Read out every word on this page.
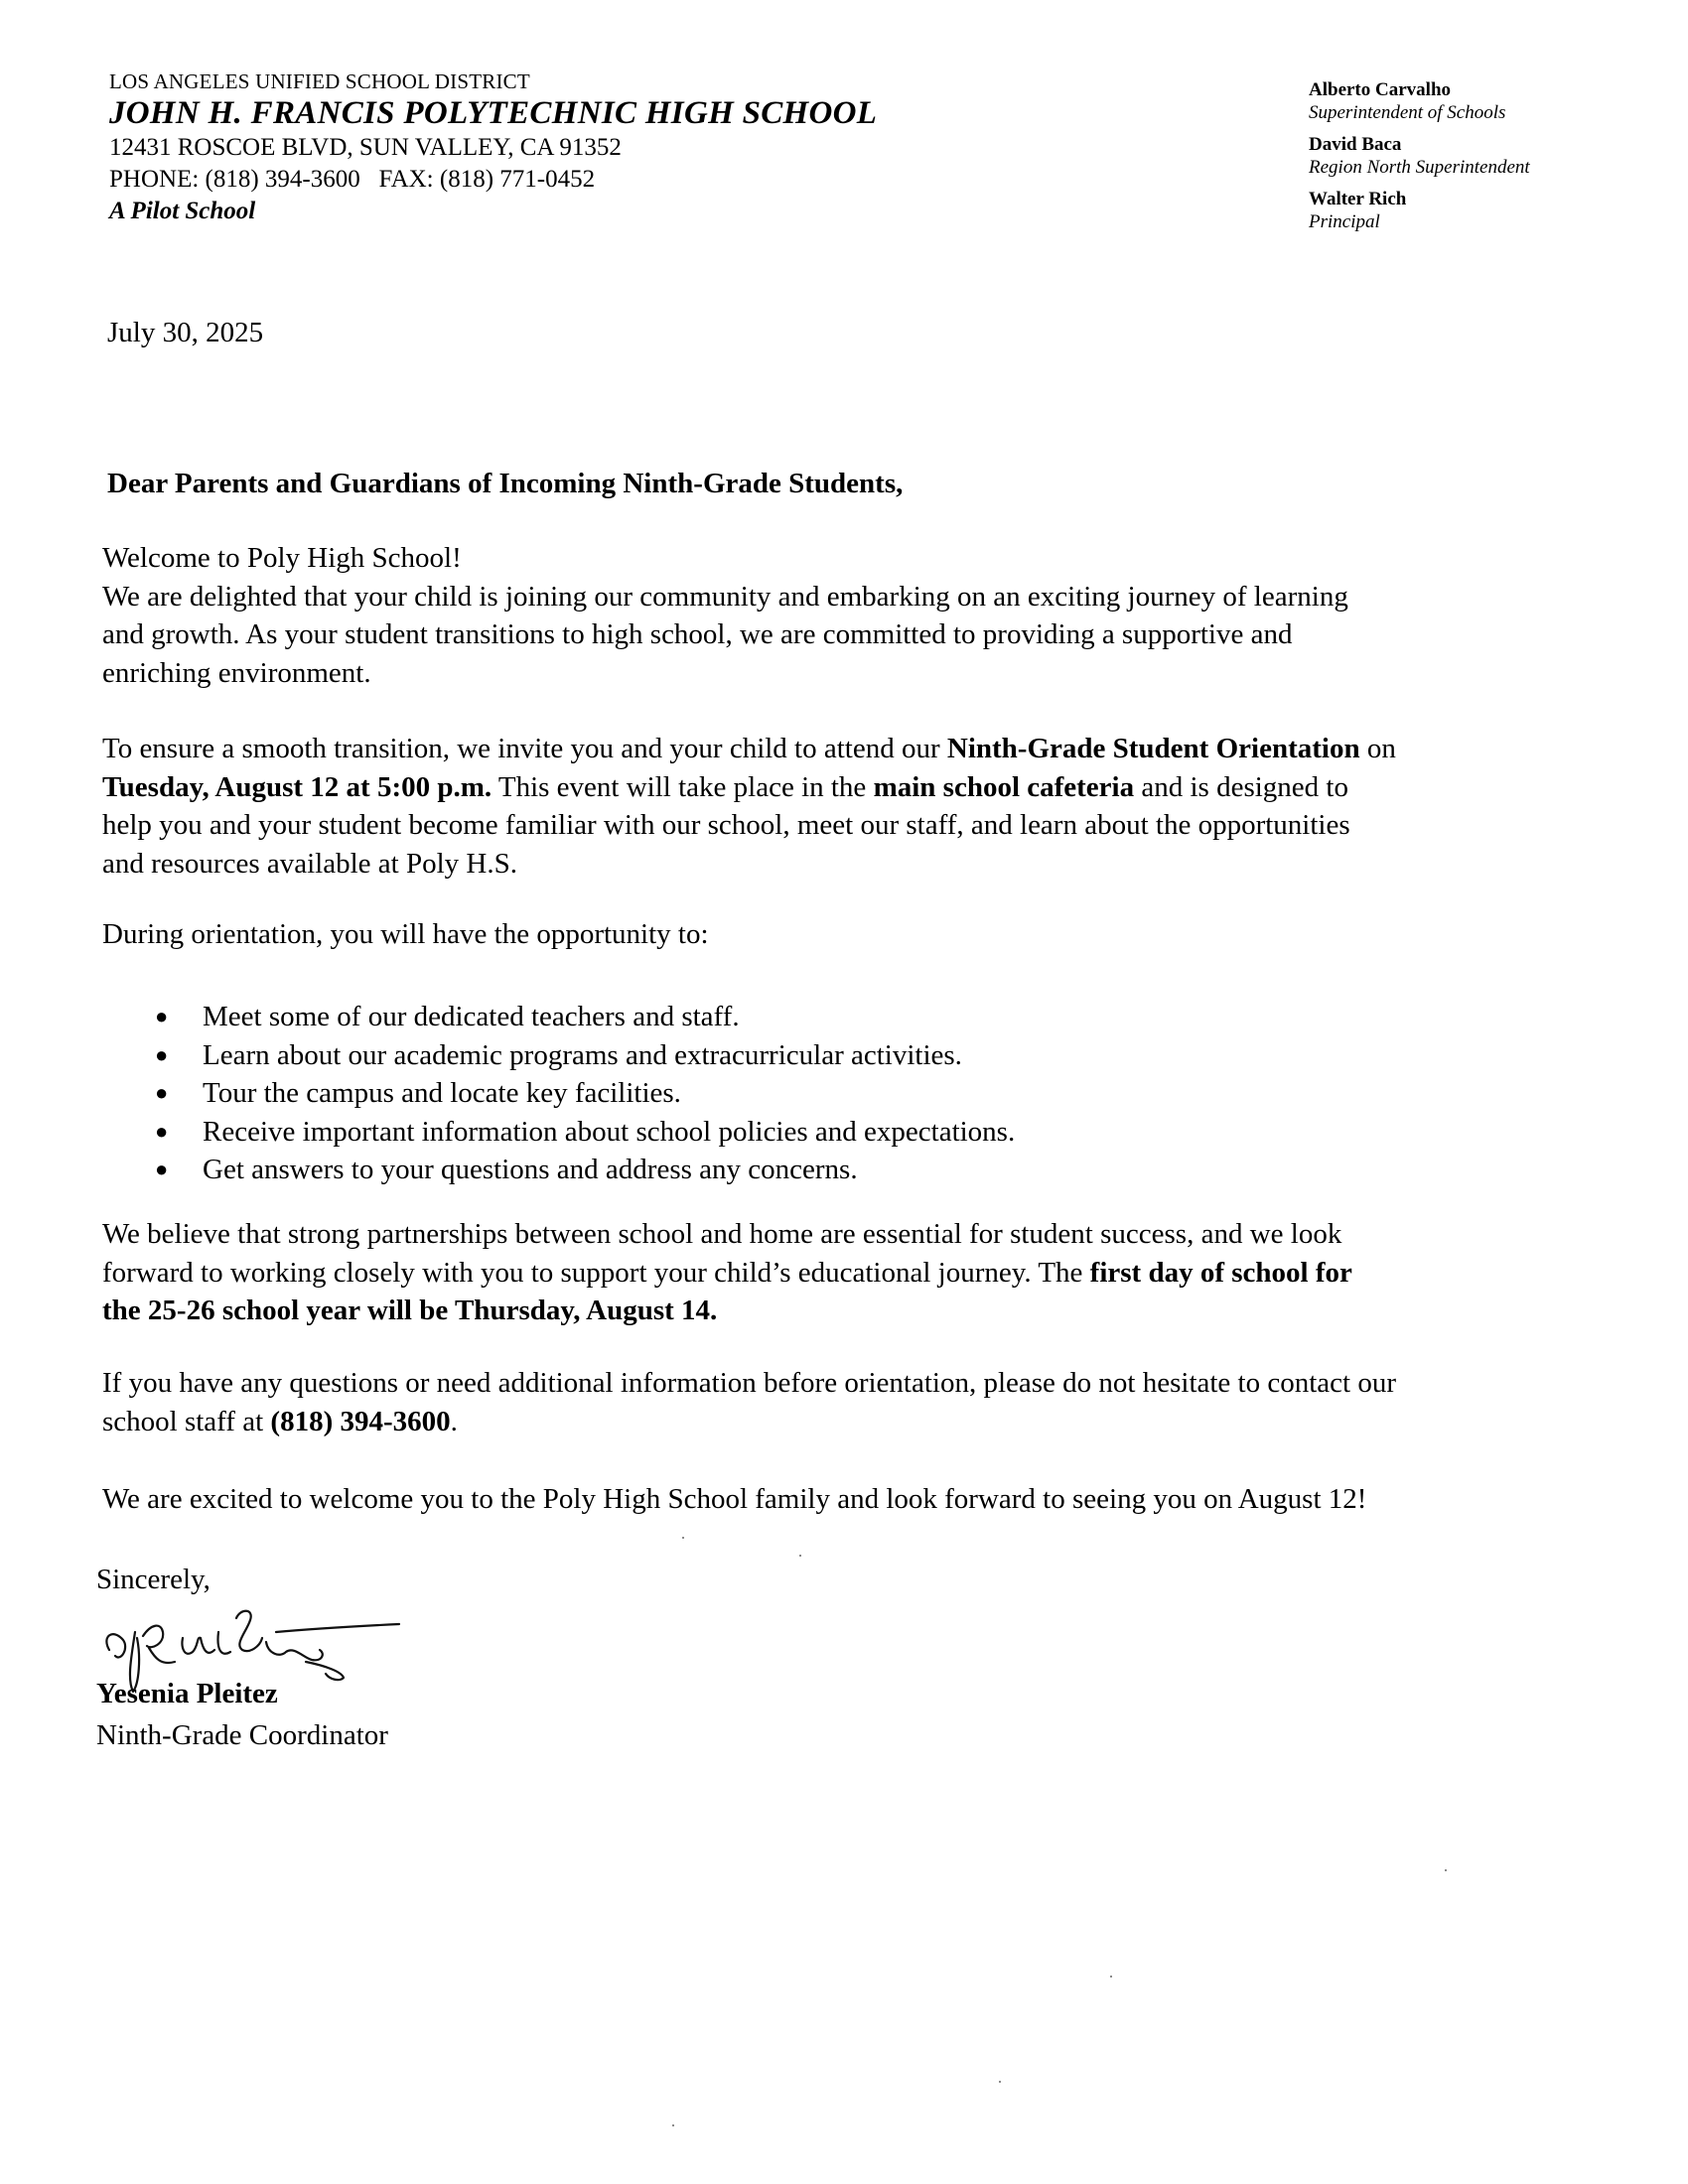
LOS ANGELES UNIFIED SCHOOL DISTRICT
JOHN H. FRANCIS POLYTECHNIC HIGH SCHOOL
12431 ROSCOE BLVD, SUN VALLEY, CA 91352
PHONE: (818) 394-3600 FAX: (818) 771-0452
A Pilot School
Alberto Carvalho
Superintendent of Schools
David Baca
Region North Superintendent
Walter Rich
Principal
July 30, 2025
Dear Parents and Guardians of Incoming Ninth-Grade Students,
Welcome to Poly High School!
We are delighted that your child is joining our community and embarking on an exciting journey of learning
and growth. As your student transitions to high school, we are committed to providing a supportive and
enriching environment.
To ensure a smooth transition, we invite you and your child to attend our Ninth-Grade Student Orientation on
Tuesday, August 12 at 5:00 p.m. This event will take place in the main school cafeteria and is designed to
help you and your student become familiar with our school, meet our staff, and learn about the opportunities
and resources available at Poly H.S.
During orientation, you will have the opportunity to:
● Meet some of our dedicated teachers and staff.
● Learn about our academic programs and extracurricular activities.
● Tour the campus and locate key facilities.
● Receive important information about school policies and expectations.
● Get answers to your questions and address any concerns.
We believe that strong partnerships between school and home are essential for student success, and we look
forward to working closely with you to support your child’s educational journey. The first day of school for
the 25-26 school year will be Thursday, August 14.
If you have any questions or need additional information before orientation, please do not hesitate to contact our
school staff at (818) 394-3600.
We are excited to welcome you to the Poly High School family and look forward to seeing you on August 12!
Sincerely,
Yesenia Pleitez
Ninth-Grade Coordinator
